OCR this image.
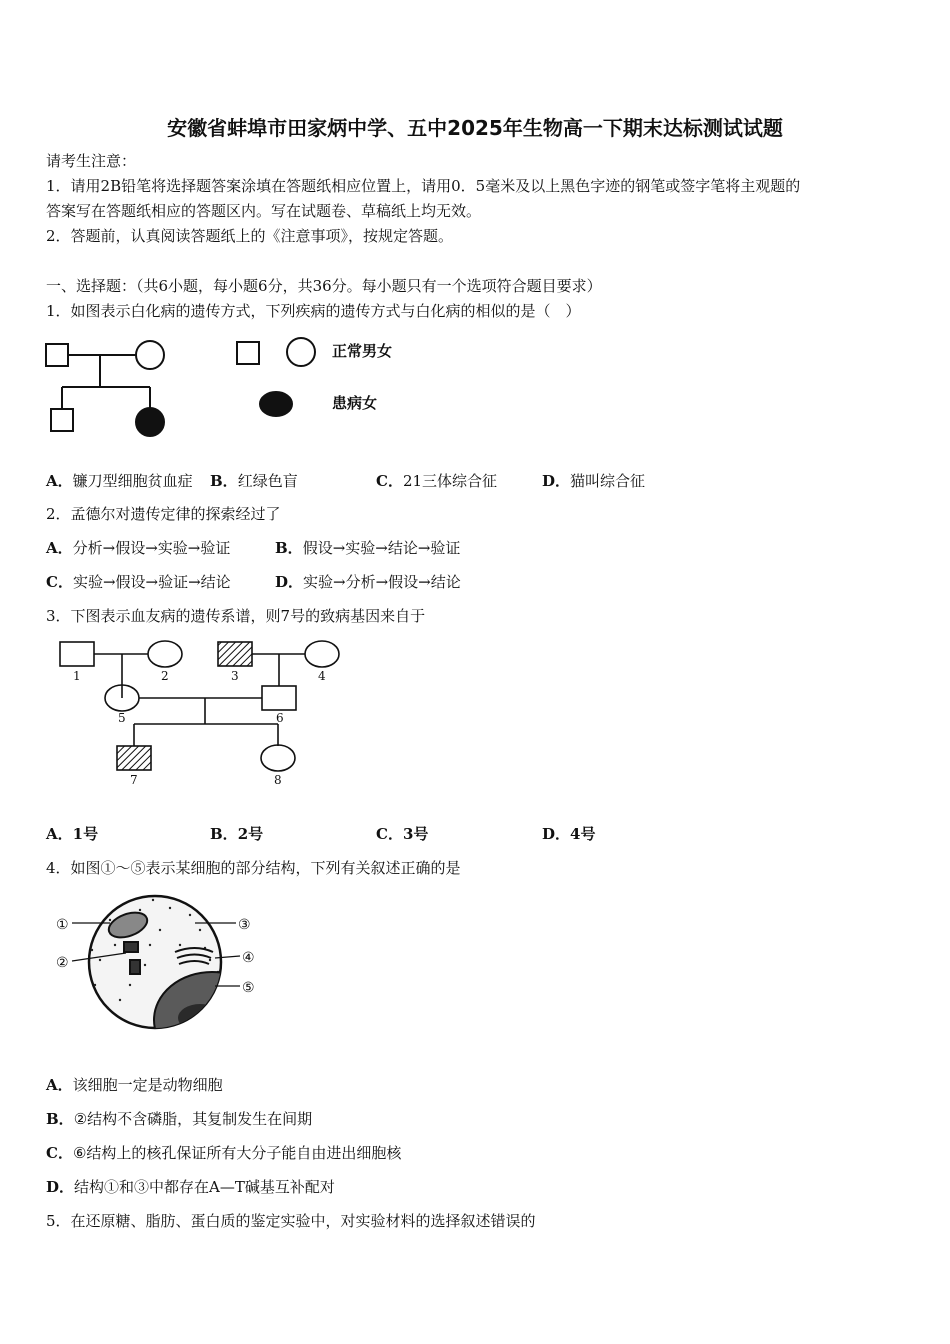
安徽省蚌埠市田家炳中学、五中2025年生物高一下期末达标测试试题
请考生注意：
1．请用2B铅笔将选择题答案涂填在答题纸相应位置上，请用0．5毫米及以上黑色字迹的钢笔或签字笔将主观题的
答案写在答题纸相应的答题区内。写在试题卷、草稿纸上均无效。
2．答题前，认真阅读答题纸上的《注意事项》，按规定答题。
一、选择题：（共6小题，每小题6分，共36分。每小题只有一个选项符合题目要求）
1．如图表示白化病的遗传方式，下列疾病的遗传方式与白化病的相似的是（　）
正常男女
患病女
A．镰刀型细胞贫血症 B．红绿色盲	C．21三体综合征	D．猫叫综合征
2．孟德尔对遗传定律的探索经过了
A．分析→假设→实验→验证	B．假设→实验→结论→验证
C．实验→假设→验证→结论	D．实验→分析→假设→结论
3．下图表示血友病的遗传系谱，则7号的致病基因来自于
1	2	3	4
5	6
7	8
A．1号	B．2号	C．3号	D．4号
4．如图①～⑤表示某细胞的部分结构，下列有关叙述正确的是
①
②
③
④
⑤
A．该细胞一定是动物细胞
B．②结构不含磷脂，其复制发生在间期
C．⑥结构上的核孔保证所有大分子能自由进出细胞核
D．结构①和③中都存在A—T碱基互补配对
5．在还原糖、脂肪、蛋白质的鉴定实验中，对实验材料的选择叙述错误的
